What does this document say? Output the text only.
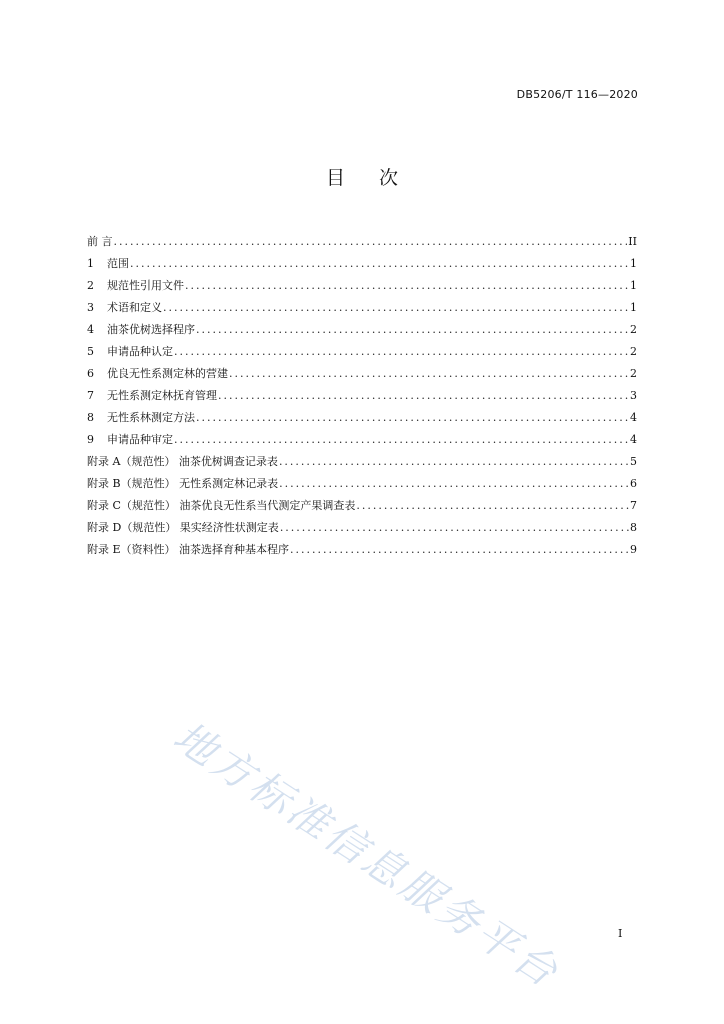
DB5206/T 116—2020
目 次
前 言 .....	II
1 范围 .....	1
2 规范性引用文件 .....	1
3 术语和定义 .....	1
4 油茶优树选择程序 .....	2
5 申请品种认定 .....	2
6 优良无性系测定林的营建 .....	2
7 无性系测定林抚育管理 .....	3
8 无性系林测定方法 .....	4
9 申请品种审定 .....	4
附录 A（规范性） 油茶优树调查记录表 .....	5
附录 B（规范性） 无性系测定林记录表 .....	6
附录 C（规范性） 油茶优良无性系当代测定产果调查表 .....	7
附录 D（规范性） 果实经济性状测定表 .....	8
附录 E（资料性） 油茶选择育种基本程序 .....	9
地方标准信息服务平台	I
